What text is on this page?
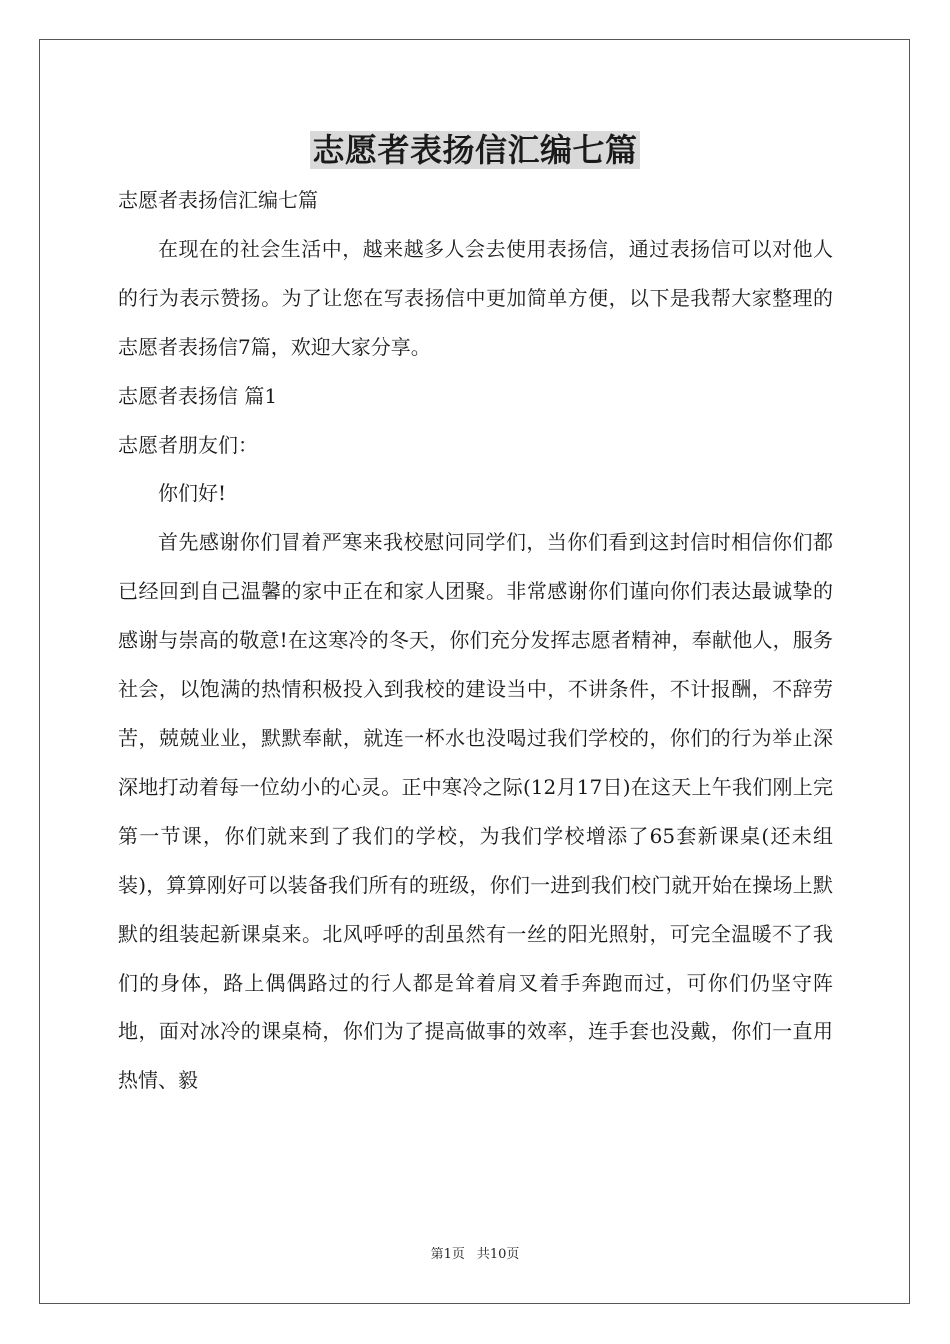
志愿者表扬信汇编七篇

志愿者表扬信汇编七篇

在现在的社会生活中，越来越多人会去使用表扬信，通过表扬信可以对他人的行为表示赞扬。为了让您在写表扬信中更加简单方便，以下是我帮大家整理的志愿者表扬信7篇，欢迎大家分享。

志愿者表扬信 篇1

志愿者朋友们：

你们好!

首先感谢你们冒着严寒来我校慰问同学们，当你们看到这封信时相信你们都已经回到自己温馨的家中正在和家人团聚。非常感谢你们谨向你们表达最诚挚的感谢与崇高的敬意!在这寒冷的冬天，你们充分发挥志愿者精神，奉献他人，服务社会，以饱满的热情积极投入到我校的建设当中，不讲条件，不计报酬，不辞劳苦，兢兢业业，默默奉献，就连一杯水也没喝过我们学校的，你们的行为举止深深地打动着每一位幼小的心灵。正中寒冷之际(12月17日)在这天上午我们刚上完第一节课，你们就来到了我们的学校，为我们学校增添了65套新课桌(还未组装)，算算刚好可以装备我们所有的班级，你们一进到我们校门就开始在操场上默默的组装起新课桌来。北风呼呼的刮虽然有一丝的阳光照射，可完全温暖不了我们的身体，路上偶偶路过的行人都是耸着肩叉着手奔跑而过，可你们仍坚守阵地，面对冰冷的课桌椅，你们为了提高做事的效率，连手套也没戴，你们一直用热情、毅

第1页 共10页
